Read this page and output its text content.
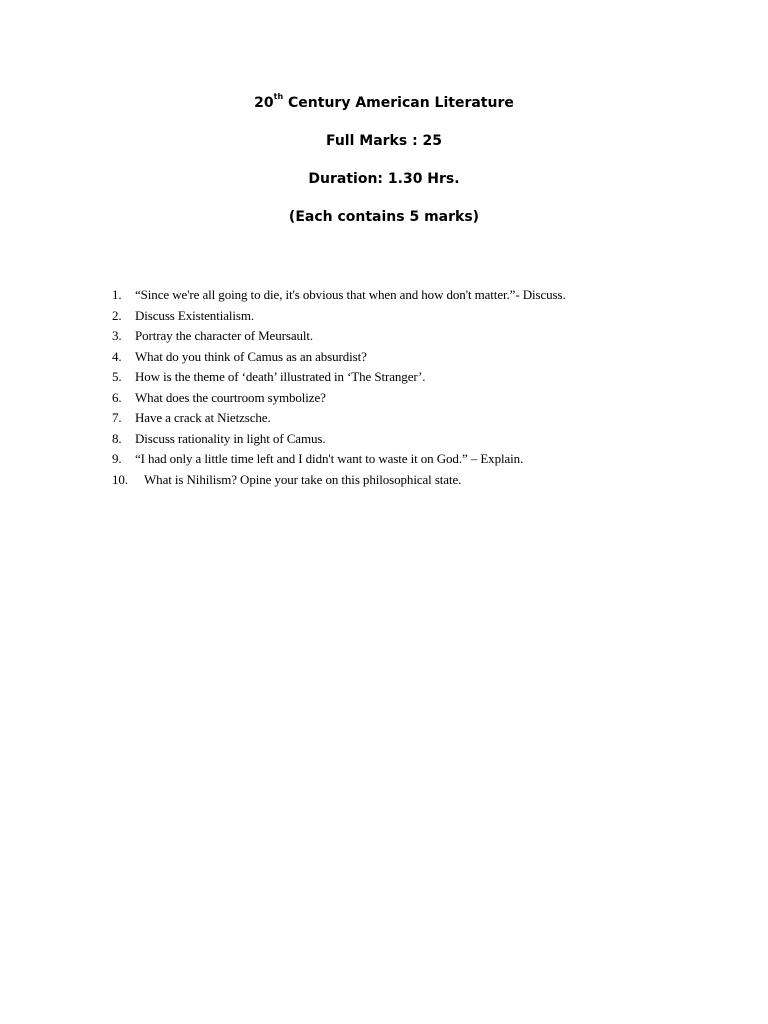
20th Century American Literature

Full Marks : 25

Duration: 1.30 Hrs.

(Each contains 5 marks)

1.	“Since we're all going to die, it's obvious that when and how don't matter.”- Discuss.
2.	Discuss Existentialism.
3.	Portray the character of Meursault.
4.	What do you think of Camus as an absurdist?
5.	How is the theme of ‘death’ illustrated in ‘The Stranger’.
6.	What does the courtroom symbolize?
7.	Have a crack at Nietzsche.
8.	Discuss rationality in light of Camus.
9.	“I had only a little time left and I didn't want to waste it on God.” – Explain.
10.	What is Nihilism? Opine your take on this philosophical state.
